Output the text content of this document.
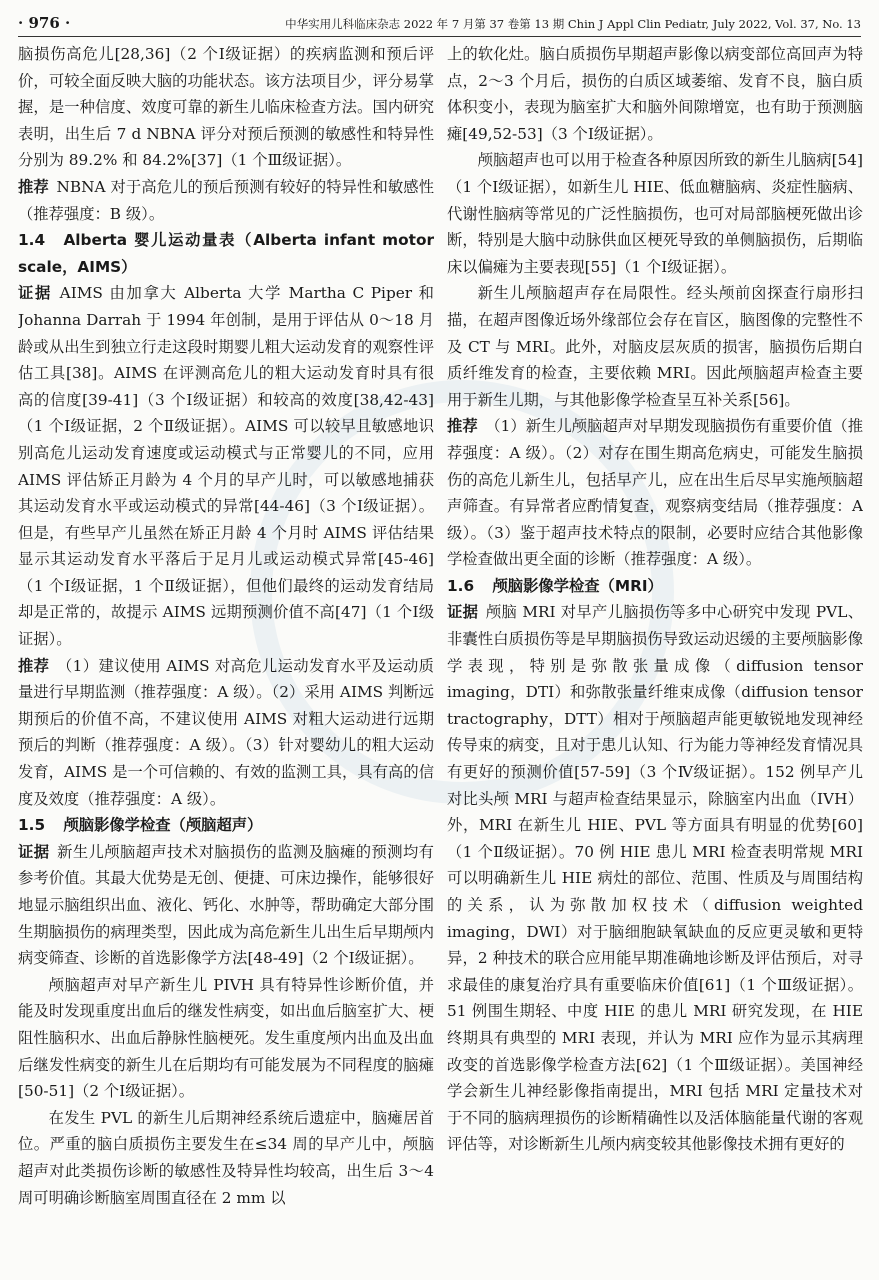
· 976 ·	中华实用儿科临床杂志 2022 年 7 月第 37 卷第 13 期 Chin J Appl Clin Pediatr, July 2022, Vol. 37, No. 13

脑损伤高危儿[28,36]（2 个Ⅰ级证据）的疾病监测和预后评价，可较全面反映大脑的功能状态。该方法项目少，评分易掌握，是一种信度、效度可靠的新生儿临床检查方法。国内研究表明，出生后 7 d NBNA 评分对预后预测的敏感性和特异性分别为 89.2% 和 84.2%[37]（1 个Ⅲ级证据）。

推荐 NBNA 对于高危儿的预后预测有较好的特异性和敏感性（推荐强度：B 级）。

1.4 Alberta 婴儿运动量表（Alberta infant motor scale，AIMS）

证据 AIMS 由加拿大 Alberta 大学 Martha C Piper 和 Johanna Darrah 于 1994 年创制，是用于评估从 0～18 月龄或从出生到独立行走这段时期婴儿粗大运动发育的观察性评估工具[38]。AIMS 在评测高危儿的粗大运动发育时具有很高的信度[39-41]（3 个Ⅰ级证据）和较高的效度[38,42-43]（1 个Ⅰ级证据，2 个Ⅱ级证据）。AIMS 可以较早且敏感地识别高危儿运动发育速度或运动模式与正常婴儿的不同，应用 AIMS 评估矫正月龄为 4 个月的早产儿时，可以敏感地捕获其运动发育水平或运动模式的异常[44-46]（3 个Ⅰ级证据）。但是，有些早产儿虽然在矫正月龄 4 个月时 AIMS 评估结果显示其运动发育水平落后于足月儿或运动模式异常[45-46]（1 个Ⅰ级证据，1 个Ⅱ级证据），但他们最终的运动发育结局却是正常的，故提示 AIMS 远期预测价值不高[47]（1 个Ⅰ级证据）。

推荐 （1）建议使用 AIMS 对高危儿运动发育水平及运动质量进行早期监测（推荐强度：A 级）。（2）采用 AIMS 判断远期预后的价值不高，不建议使用 AIMS 对粗大运动进行远期预后的判断（推荐强度：A 级）。（3）针对婴幼儿的粗大运动发育，AIMS 是一个可信赖的、有效的监测工具，具有高的信度及效度（推荐强度：A 级）。

1.5 颅脑影像学检查（颅脑超声）

证据 新生儿颅脑超声技术对脑损伤的监测及脑瘫的预测均有参考价值。其最大优势是无创、便捷、可床边操作，能够很好地显示脑组织出血、液化、钙化、水肿等，帮助确定大部分围生期脑损伤的病理类型，因此成为高危新生儿出生后早期颅内病变筛查、诊断的首选影像学方法[48-49]（2 个Ⅰ级证据）。

颅脑超声对早产新生儿 PIVH 具有特异性诊断价值，并能及时发现重度出血后的继发性病变，如出血后脑室扩大、梗阻性脑积水、出血后静脉性脑梗死。发生重度颅内出血及出血后继发性病变的新生儿在后期均有可能发展为不同程度的脑瘫[50-51]（2 个Ⅰ级证据）。

在发生 PVL 的新生儿后期神经系统后遗症中，脑瘫居首位。严重的脑白质损伤主要发生在≤34 周的早产儿中，颅脑超声对此类损伤诊断的敏感性及特异性均较高，出生后 3～4 周可明确诊断脑室周围直径在 2 mm 以

上的软化灶。脑白质损伤早期超声影像以病变部位高回声为特点，2～3 个月后，损伤的白质区域萎缩、发育不良，脑白质体积变小，表现为脑室扩大和脑外间隙增宽，也有助于预测脑瘫[49,52-53]（3 个Ⅰ级证据）。

颅脑超声也可以用于检查各种原因所致的新生儿脑病[54]（1 个Ⅰ级证据），如新生儿 HIE、低血糖脑病、炎症性脑病、代谢性脑病等常见的广泛性脑损伤，也可对局部脑梗死做出诊断，特别是大脑中动脉供血区梗死导致的单侧脑损伤，后期临床以偏瘫为主要表现[55]（1 个Ⅰ级证据）。

新生儿颅脑超声存在局限性。经头颅前囟探查行扇形扫描，在超声图像近场外缘部位会存在盲区，脑图像的完整性不及 CT 与 MRI。此外，对脑皮层灰质的损害，脑损伤后期白质纤维发育的检查，主要依赖 MRI。因此颅脑超声检查主要用于新生儿期，与其他影像学检查呈互补关系[56]。

推荐 （1）新生儿颅脑超声对早期发现脑损伤有重要价值（推荐强度：A 级）。（2）对存在围生期高危病史，可能发生脑损伤的高危儿新生儿，包括早产儿，应在出生后尽早实施颅脑超声筛查。有异常者应酌情复查，观察病变结局（推荐强度：A 级）。（3）鉴于超声技术特点的限制，必要时应结合其他影像学检查做出更全面的诊断（推荐强度：A 级）。

1.6 颅脑影像学检查（MRI）

证据 颅脑 MRI 对早产儿脑损伤等多中心研究中发现 PVL、非囊性白质损伤等是早期脑损伤导致运动迟缓的主要颅脑影像学表现，特别是弥散张量成像（diffusion tensor imaging，DTI）和弥散张量纤维束成像（diffusion tensor tractography，DTT）相对于颅脑超声能更敏锐地发现神经传导束的病变，且对于患儿认知、行为能力等神经发育情况具有更好的预测价值[57-59]（3 个Ⅳ级证据）。152 例早产儿对比头颅 MRI 与超声检查结果显示，除脑室内出血（IVH）外，MRI 在新生儿 HIE、PVL 等方面具有明显的优势[60]（1 个Ⅱ级证据）。70 例 HIE 患儿 MRI 检查表明常规 MRI 可以明确新生儿 HIE 病灶的部位、范围、性质及与周围结构的关系，认为弥散加权技术（diffusion weighted imaging，DWI）对于脑细胞缺氧缺血的反应更灵敏和更特异，2 种技术的联合应用能早期准确地诊断及评估预后，对寻求最佳的康复治疗具有重要临床价值[61]（1 个Ⅲ级证据）。51 例围生期轻、中度 HIE 的患儿 MRI 研究发现，在 HIE 终期具有典型的 MRI 表现，并认为 MRI 应作为显示其病理改变的首选影像学检查方法[62]（1 个Ⅲ级证据）。美国神经学会新生儿神经影像指南提出，MRI 包括 MRI 定量技术对于不同的脑病理损伤的诊断精确性以及活体脑能量代谢的客观评估等，对诊断新生儿颅内病变较其他影像技术拥有更好的
